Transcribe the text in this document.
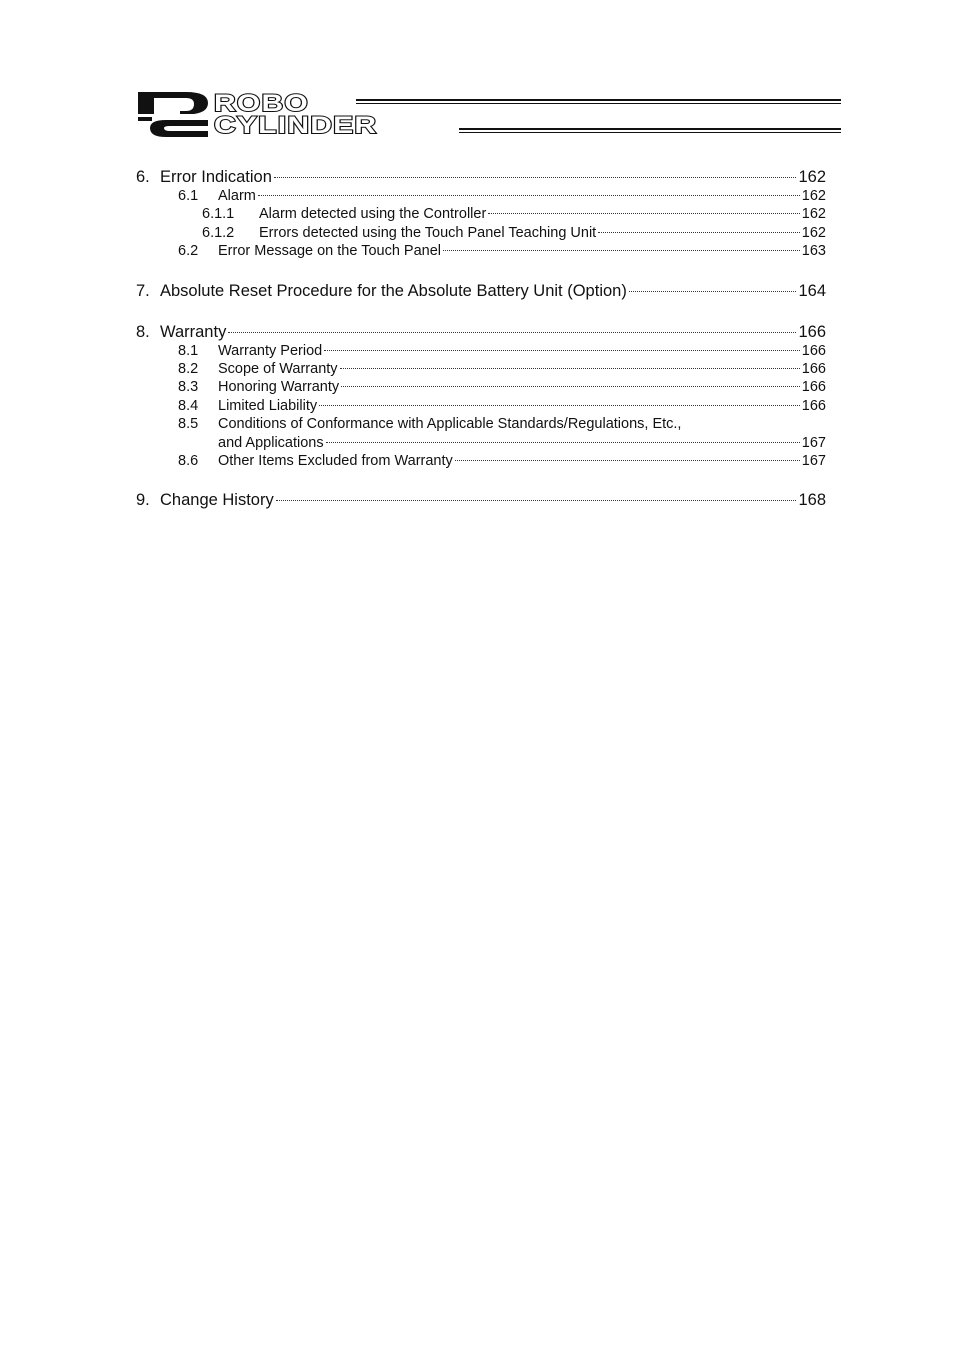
ROBO
CYLINDER
6. Error Indication	162
6.1	Alarm	162
6.1.1	Alarm detected using the Controller	162
6.1.2	Errors detected using the Touch Panel Teaching Unit	162
6.2	Error Message on the Touch Panel	163
7. Absolute Reset Procedure for the Absolute Battery Unit (Option)	164
8. Warranty	166
8.1	Warranty Period	166
8.2	Scope of Warranty	166
8.3	Honoring Warranty	166
8.4	Limited Liability	166
8.5	Conditions of Conformance with Applicable Standards/Regulations, Etc.,
and Applications	167
8.6	Other Items Excluded from Warranty	167
9. Change History	168
